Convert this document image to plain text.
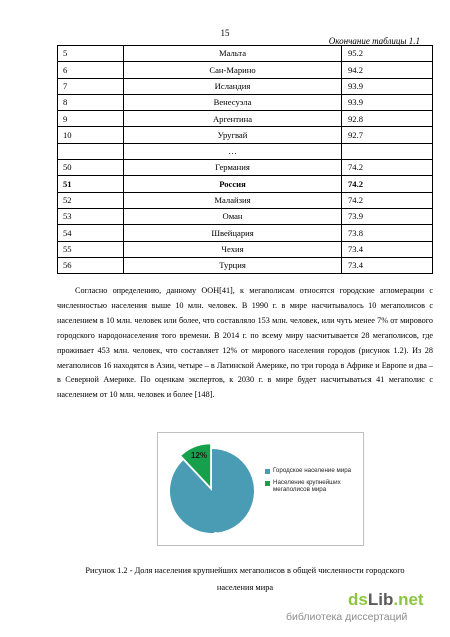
15
Окончание таблицы 1.1
5	Мальта	95.2
6	Сан-Марино	94.2
7	Исландия	93.9
8	Венесуэла	93.9
9	Аргентина	92.8
10	Уругвай	92.7
	…	
50	Германия	74.2
51	Россия	74.2
52	Малайзия	74.2
53	Оман	73.9
54	Швейцария	73.8
55	Чехия	73.4
56	Турция	73.4
Согласно определению, данному ООН[41], к мегаполисам относятся городские агломерации с численностью населения выше 10 млн. человек. В 1990 г. в мире насчитывалось 10 мегаполисов с населением в 10 млн. человек или более, что составляло 153 млн. человек, или чуть менее 7% от мирового городского народонаселения того времени. В 2014 г. по всему миру насчитывается 28 мегаполисов, где проживает 453 млн. человек, что составляет 12% от мирового населения городов (рисунок 1.2). Из 28 мегаполисов 16 находятся в Азии, четыре – в Латинской Америке, по три города в Африке и Европе и два – в Северной Америке. По оценкам экспертов, к 2030 г. в мире будет насчитываться 41 мегаполис с населением от 10 млн. человек и более [148].
12%
88 %
Городское население мира
Население крупнейших мегаполисов мира
Рисунок 1.2 - Доля населения крупнейших мегаполисов в общей численности городского
населения мира
dsLib.net
библиотека диссертаций
